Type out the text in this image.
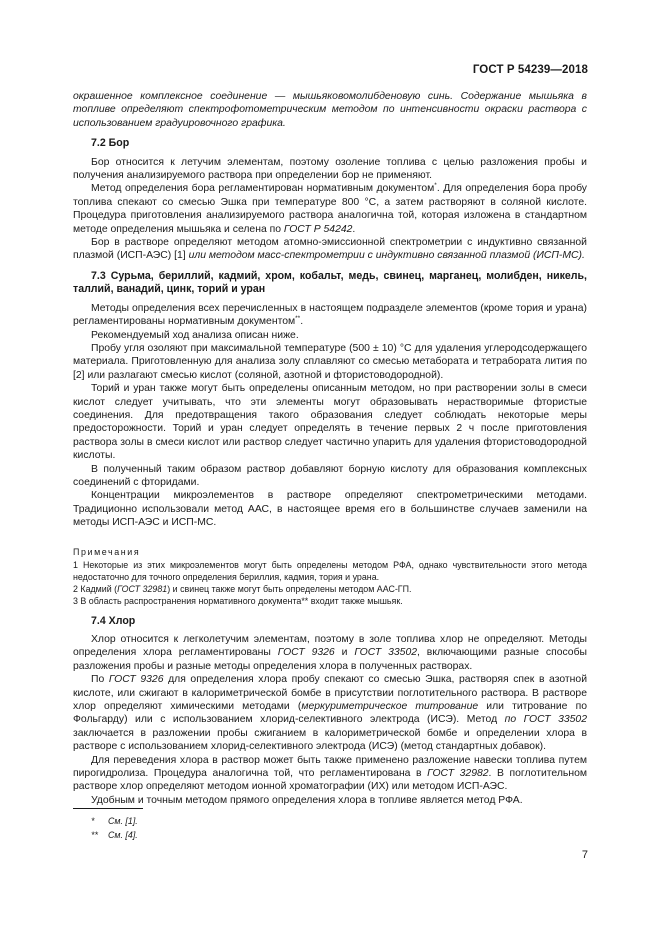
ГОСТ Р 54239—2018

окрашенное комплексное соединение — мышьяковомолибденовую синь. Содержание мышьяка в топливе определяют спектрофотометрическим методом по интенсивности окраски раствора с использованием градуировочного графика.

7.2 Бор

Бор относится к летучим элементам, поэтому озоление топлива с целью разложения пробы и получения анализируемого раствора при определении бор не применяют.

Метод определения бора регламентирован нормативным документом*. Для определения бора пробу топлива спекают со смесью Эшка при температуре 800 °С, а затем растворяют в соляной кислоте. Процедура приготовления анализируемого раствора аналогична той, которая изложена в стандартном методе определения мышьяка и селена по ГОСТ Р 54242.

Бор в растворе определяют методом атомно-эмиссионной спектрометрии с индуктивно связанной плазмой (ИСП-АЭС) [1] или методом масс-спектрометрии с индуктивно связанной плазмой (ИСП-МС).

7.3 Сурьма, бериллий, кадмий, хром, кобальт, медь, свинец, марганец, молибден, никель, таллий, ванадий, цинк, торий и уран

Методы определения всех перечисленных в настоящем подразделе элементов (кроме тория и урана) регламентированы нормативным документом**.

Рекомендуемый ход анализа описан ниже.

Пробу угля озоляют при максимальной температуре (500 ± 10) °С для удаления углеродсодержащего материала. Приготовленную для анализа золу сплавляют со смесью метабората и тетрабората лития по [2] или разлагают смесью кислот (соляной, азотной и фтористоводородной).

Торий и уран также могут быть определены описанным методом, но при растворении золы в смеси кислот следует учитывать, что эти элементы могут образовывать нерастворимые фтористые соединения. Для предотвращения такого образования следует соблюдать некоторые меры предосторожности. Торий и уран следует определять в течение первых 2 ч после приготовления раствора золы в смеси кислот или раствор следует частично упарить для удаления фтористоводородной кислоты.

В полученный таким образом раствор добавляют борную кислоту для образования комплексных соединений с фторидами.

Концентрации микроэлементов в растворе определяют спектрометрическими методами. Традиционно использовали метод ААС, в настоящее время его в большинстве случаев заменили на методы ИСП-АЭС и ИСП-МС.

Примечания

1 Некоторые из этих микроэлементов могут быть определены методом РФА, однако чувствительности этого метода недостаточно для точного определения бериллия, кадмия, тория и урана.

2 Кадмий (ГОСТ 32981) и свинец также могут быть определены методом ААС-ГП.

3 В область распространения нормативного документа** входит также мышьяк.

7.4 Хлор

Хлор относится к легколетучим элементам, поэтому в золе топлива хлор не определяют. Методы определения хлора регламентированы ГОСТ 9326 и ГОСТ 33502, включающими разные способы разложения пробы и разные методы определения хлора в полученных растворах.

По ГОСТ 9326 для определения хлора пробу спекают со смесью Эшка, растворяя спек в азотной кислоте, или сжигают в калориметрической бомбе в присутствии поглотительного раствора. В растворе хлор определяют химическими методами (меркуриметрическое титрование или титрование по Фольгарду) или с использованием хлорид-селективного электрода (ИСЭ). Метод по ГОСТ 33502 заключается в разложении пробы сжиганием в калориметрической бомбе и определении хлора в растворе с использованием хлорид-селективного электрода (ИСЭ) (метод стандартных добавок).

Для переведения хлора в раствор может быть также применено разложение навески топлива путем пирогидролиза. Процедура аналогична той, что регламентирована в ГОСТ 32982. В поглотительном растворе хлор определяют методом ионной хроматографии (ИХ) или методом ИСП-АЭС.

Удобным и точным методом прямого определения хлора в топливе является метод РФА.

* См. [1].

** См. [4].

7
